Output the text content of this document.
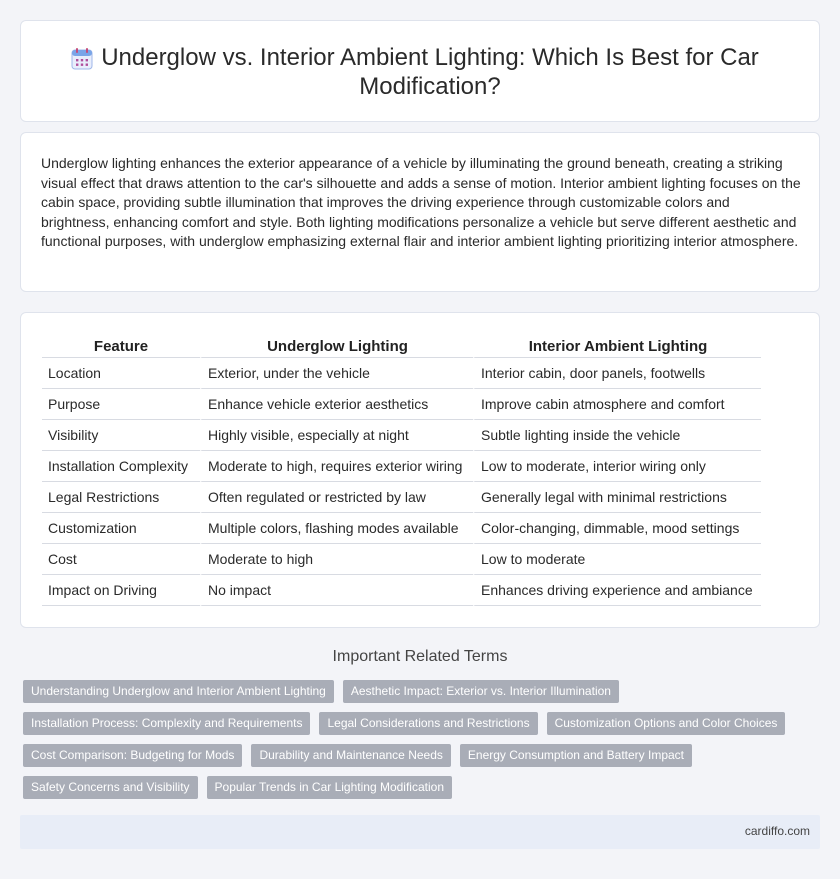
Underglow vs. Interior Ambient Lighting: Which Is Best for Car Modification?

Underglow lighting enhances the exterior appearance of a vehicle by illuminating the ground beneath, creating a striking visual effect that draws attention to the car's silhouette and adds a sense of motion. Interior ambient lighting focuses on the cabin space, providing subtle illumination that improves the driving experience through customizable colors and brightness, enhancing comfort and style. Both lighting modifications personalize a vehicle but serve different aesthetic and functional purposes, with underglow emphasizing external flair and interior ambient lighting prioritizing interior atmosphere.

Feature	Underglow Lighting	Interior Ambient Lighting
Location	Exterior, under the vehicle	Interior cabin, door panels, footwells
Purpose	Enhance vehicle exterior aesthetics	Improve cabin atmosphere and comfort
Visibility	Highly visible, especially at night	Subtle lighting inside the vehicle
Installation Complexity	Moderate to high, requires exterior wiring	Low to moderate, interior wiring only
Legal Restrictions	Often regulated or restricted by law	Generally legal with minimal restrictions
Customization	Multiple colors, flashing modes available	Color-changing, dimmable, mood settings
Cost	Moderate to high	Low to moderate
Impact on Driving	No impact	Enhances driving experience and ambiance
Important Related Terms
Understanding Underglow and Interior Ambient Lighting	Aesthetic Impact: Exterior vs. Interior Illumination
Installation Process: Complexity and Requirements	Legal Considerations and Restrictions	Customization Options and Color Choices
Cost Comparison: Budgeting for Mods	Durability and Maintenance Needs	Energy Consumption and Battery Impact
Safety Concerns and Visibility	Popular Trends in Car Lighting Modification
cardiffo.com
